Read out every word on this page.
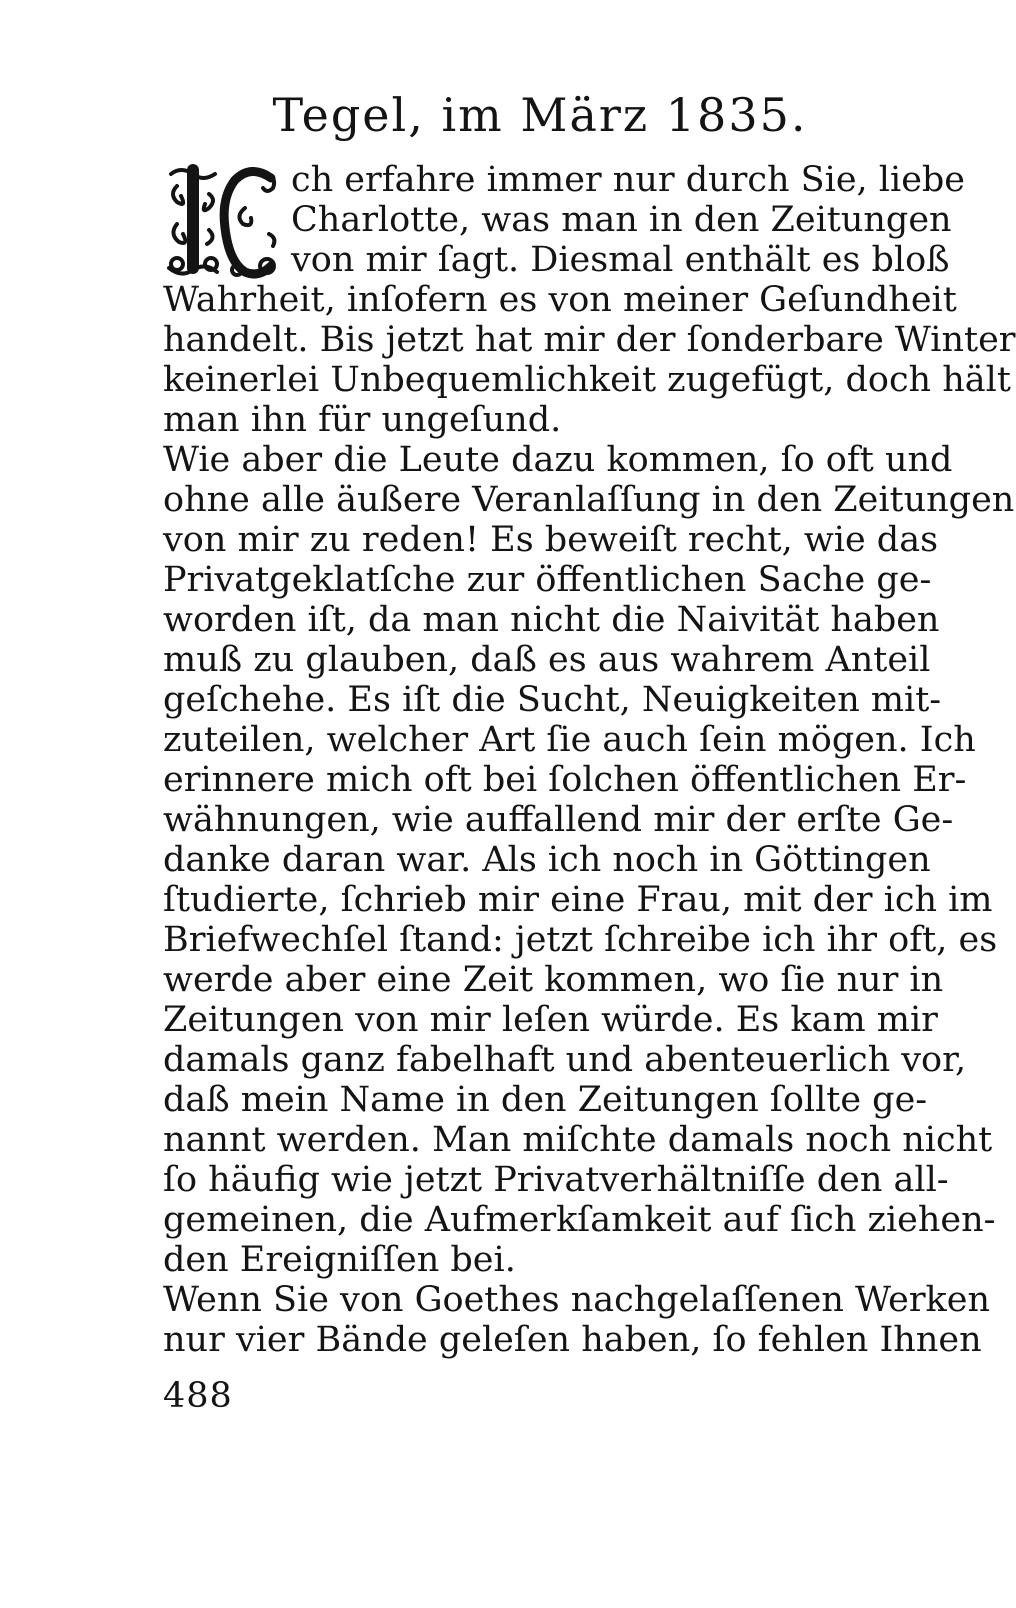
Tegel, im März 1835.
ch erfahre immer nur durch Sie, liebe
Charlotte, was man in den Zeitungen
von mir ſagt. Diesmal enthält es bloß
Wahrheit, inſofern es von meiner Geſundheit
handelt. Bis jetzt hat mir der ſonderbare Winter
keinerlei Unbequemlichkeit zugefügt, doch hält
man ihn für ungeſund.
Wie aber die Leute dazu kommen, ſo oft und
ohne alle äußere Veranlaſſung in den Zeitungen
von mir zu reden! Es beweiſt recht, wie das
Privatgeklatſche zur öffentlichen Sache ge-
worden iſt, da man nicht die Naivität haben
muß zu glauben, daß es aus wahrem Anteil
geſchehe. Es iſt die Sucht, Neuigkeiten mit-
zuteilen, welcher Art ſie auch ſein mögen. Ich
erinnere mich oft bei ſolchen öffentlichen Er-
wähnungen, wie auffallend mir der erſte Ge-
danke daran war. Als ich noch in Göttingen
ſtudierte, ſchrieb mir eine Frau, mit der ich im
Briefwechſel ſtand: jetzt ſchreibe ich ihr oft, es
werde aber eine Zeit kommen, wo ſie nur in
Zeitungen von mir leſen würde. Es kam mir
damals ganz fabelhaft und abenteuerlich vor,
daß mein Name in den Zeitungen ſollte ge-
nannt werden. Man miſchte damals noch nicht
ſo häufig wie jetzt Privatverhältniſſe den all-
gemeinen, die Aufmerkſamkeit auf ſich ziehen-
den Ereigniſſen bei.
Wenn Sie von Goethes nachgelaſſenen Werken
nur vier Bände geleſen haben, ſo fehlen Ihnen
488
